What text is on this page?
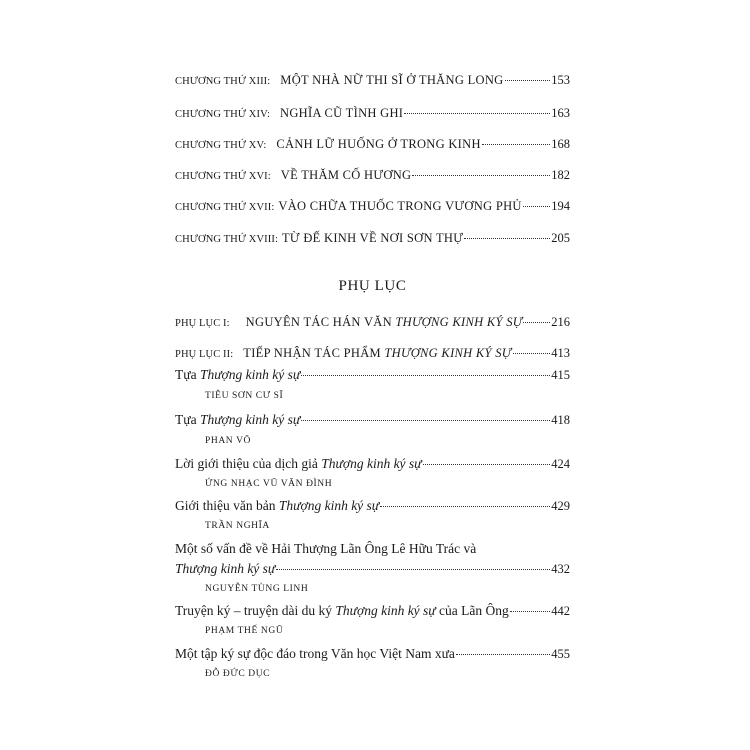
CHƯƠNG THỨ XIII: MỘT NHÀ NỮ THI SĨ Ở THĂNG LONG	153
CHƯƠNG THỨ XIV: NGHĨA CŨ TÌNH GHI	163
CHƯƠNG THỨ XV: CẢNH LỮ HUỐNG Ở TRONG KINH	168
CHƯƠNG THỨ XVI: VỀ THĂM CỐ HƯƠNG	182
CHƯƠNG THỨ XVII: VÀO CHỮA THUỐC TRONG VƯƠNG PHỦ 194
CHƯƠNG THỨ XVIII: TỪ ĐẾ KINH VỀ NƠI SƠN THỰ	205
PHỤ LỤC
PHỤ LỤC I: NGUYÊN TÁC HÁN VĂN THƯỢNG KINH KÝ SỰ 216
PHỤ LỤC II: TIẾP NHẬN TÁC PHẨM THƯỢNG KINH KÝ SỰ	413
Tựa Thượng kinh ký sự	415
TIÊU SƠN CƯ SĨ
Tựa Thượng kinh ký sự	418
PHAN VÕ
Lời giới thiệu của dịch giả Thượng kinh ký sự	424
ỨNG NHẠC VŨ VĂN ĐÌNH
Giới thiệu văn bản Thượng kinh ký sự	429
TRẦN NGHĨA
Một số vấn đề về Hải Thượng Lãn Ông Lê Hữu Trác và
Thượng kinh ký sự	432
NGUYỄN TÙNG LINH
Truyện ký – truyện dài du ký Thượng kinh ký sự của Lãn Ông	442
PHẠM THẾ NGŨ
Một tập ký sự độc đáo trong Văn học Việt Nam xưa	455
ĐỖ ĐỨC DỤC
